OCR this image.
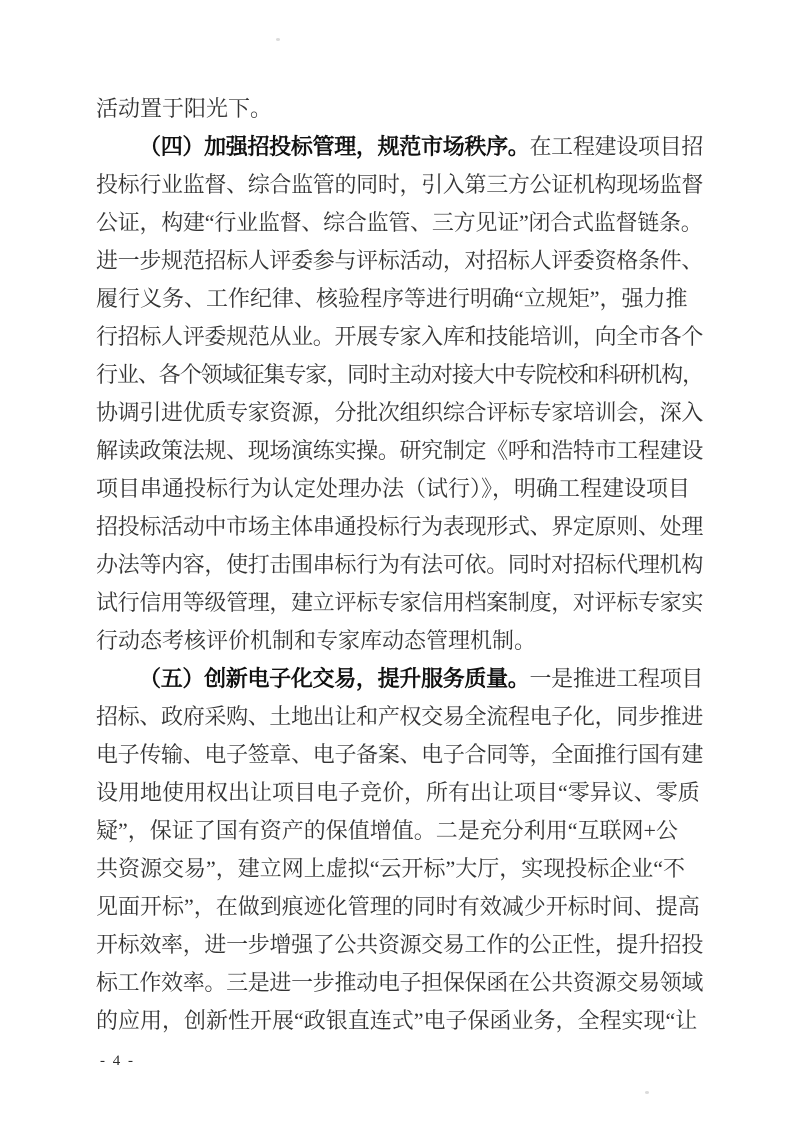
活动置于阳光下。
（四）加强招投标管理，规范市场秩序。在工程建设项目招
投标行业监督、综合监管的同时，引入第三方公证机构现场监督
公证，构建“行业监督、综合监管、三方见证”闭合式监督链条。
进一步规范招标人评委参与评标活动，对招标人评委资格条件、
履行义务、工作纪律、核验程序等进行明确“立规矩”，强力推
行招标人评委规范从业。开展专家入库和技能培训，向全市各个
行业、各个领域征集专家，同时主动对接大中专院校和科研机构，
协调引进优质专家资源，分批次组织综合评标专家培训会，深入
解读政策法规、现场演练实操。研究制定《呼和浩特市工程建设
项目串通投标行为认定处理办法（试行）》，明确工程建设项目
招投标活动中市场主体串通投标行为表现形式、界定原则、处理
办法等内容，使打击围串标行为有法可依。同时对招标代理机构
试行信用等级管理，建立评标专家信用档案制度，对评标专家实
行动态考核评价机制和专家库动态管理机制。
（五）创新电子化交易，提升服务质量。一是推进工程项目
招标、政府采购、土地出让和产权交易全流程电子化，同步推进
电子传输、电子签章、电子备案、电子合同等，全面推行国有建
设用地使用权出让项目电子竞价，所有出让项目“零异议、零质
疑”，保证了国有资产的保值增值。二是充分利用“互联网+公
共资源交易”，建立网上虚拟“云开标”大厅，实现投标企业“不
见面开标”，在做到痕迹化管理的同时有效减少开标时间、提高
开标效率，进一步增强了公共资源交易工作的公正性，提升招投
标工作效率。三是进一步推动电子担保保函在公共资源交易领域
的应用，创新性开展“政银直连式”电子保函业务，全程实现“让
- 4 -
